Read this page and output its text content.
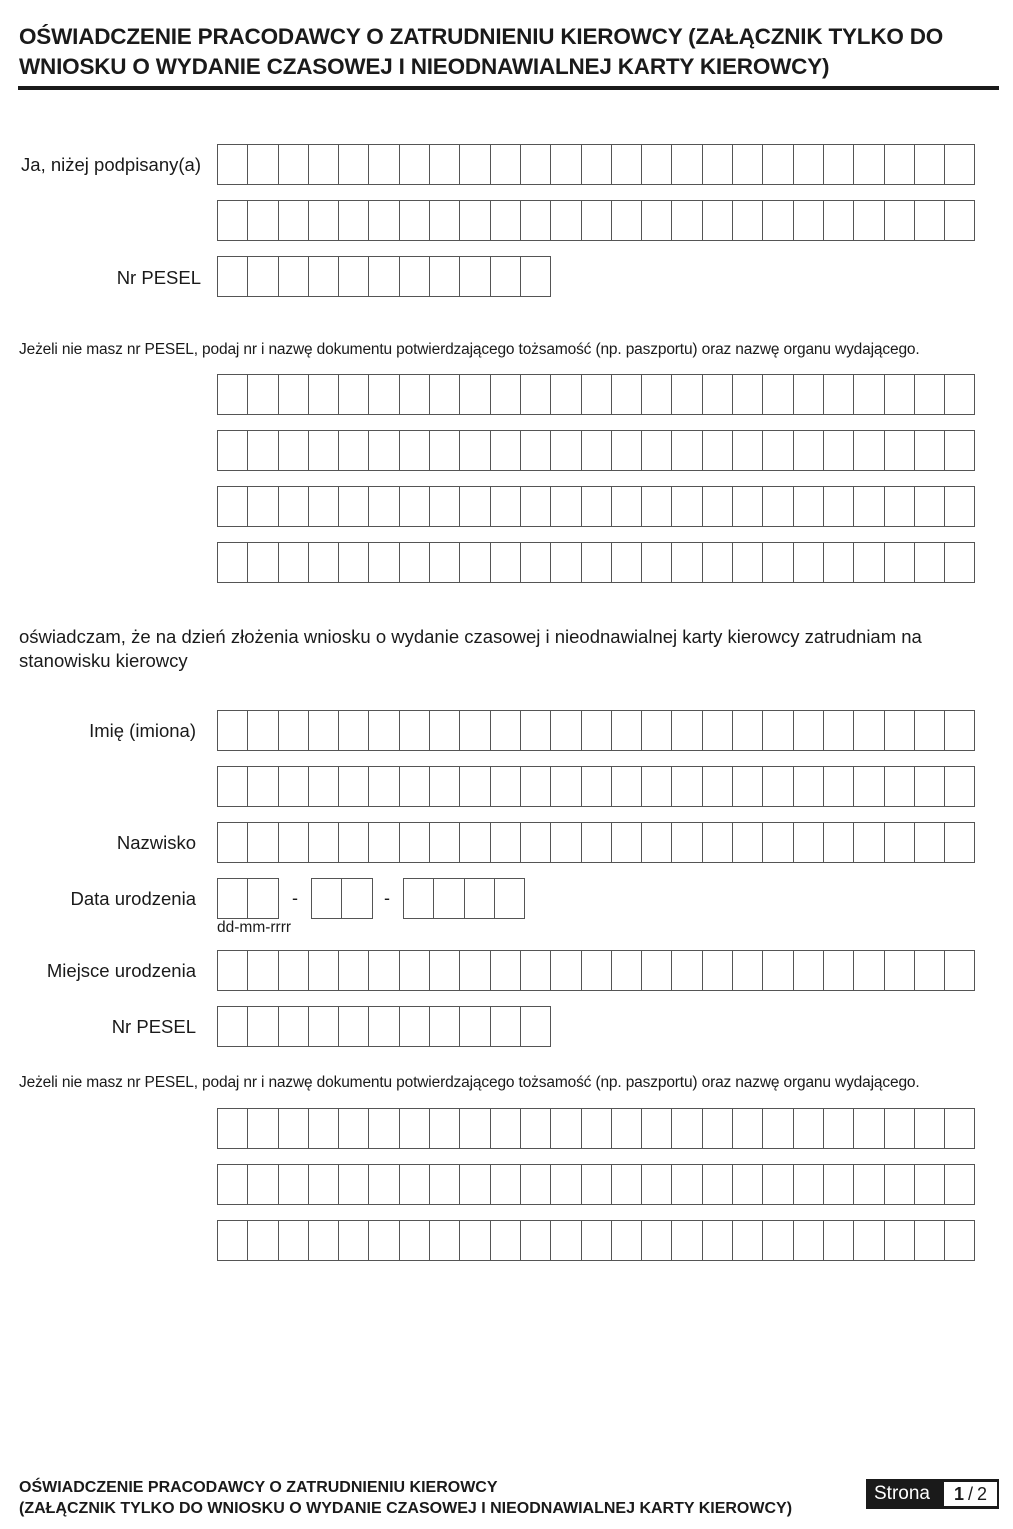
OŚWIADCZENIE PRACODAWCY O ZATRUDNIENIU KIEROWCY (ZAŁĄCZNIK TYLKO DO WNIOSKU O WYDANIE CZASOWEJ I NIEODNAWIALNEJ KARTY KIEROWCY)
Ja, niżej podpisany(a)
Nr PESEL
Jeżeli nie masz nr PESEL, podaj nr i nazwę dokumentu potwierdzającego tożsamość (np. paszportu) oraz nazwę organu wydającego.
oświadczam, że na dzień złożenia wniosku o wydanie czasowej i nieodnawialnej karty kierowcy zatrudniam na stanowisku kierowcy
Imię (imiona)
Nazwisko
Data urodzenia	-	-
dd-mm-rrrr
Miejsce urodzenia
Nr PESEL
Jeżeli nie masz nr PESEL, podaj nr i nazwę dokumentu potwierdzającego tożsamość (np. paszportu) oraz nazwę organu wydającego.
OŚWIADCZENIE PRACODAWCY O ZATRUDNIENIU KIEROWCY
(ZAŁĄCZNIK TYLKO DO WNIOSKU O WYDANIE CZASOWEJ I NIEODNAWIALNEJ KARTY KIEROWCY)
Strona	1 / 2
